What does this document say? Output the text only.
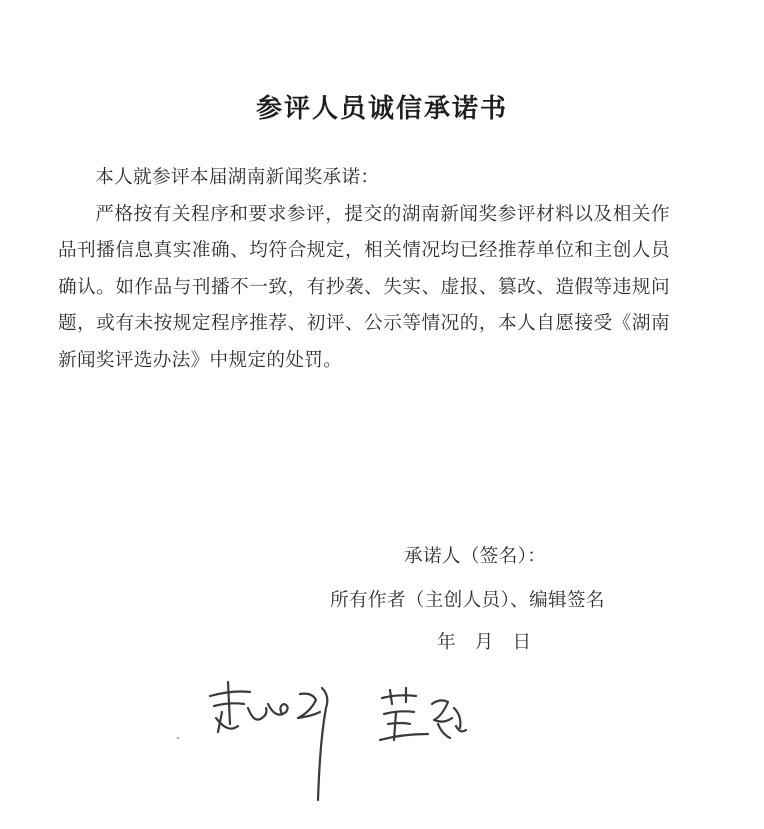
参评人员诚信承诺书

本人就参评本届湖南新闻奖承诺：

严格按有关程序和要求参评，提交的湖南新闻奖参评材料以及相关作品刊播信息真实准确、均符合规定，相关情况均已经推荐单位和主创人员确认。如作品与刊播不一致，有抄袭、失实、虚报、篡改、造假等违规问题，或有未按规定程序推荐、初评、公示等情况的，本人自愿接受《湖南新闻奖评选办法》中规定的处罚。

承诺人（签名）：
所有作者（主创人员）、编辑签名
年   月   日
